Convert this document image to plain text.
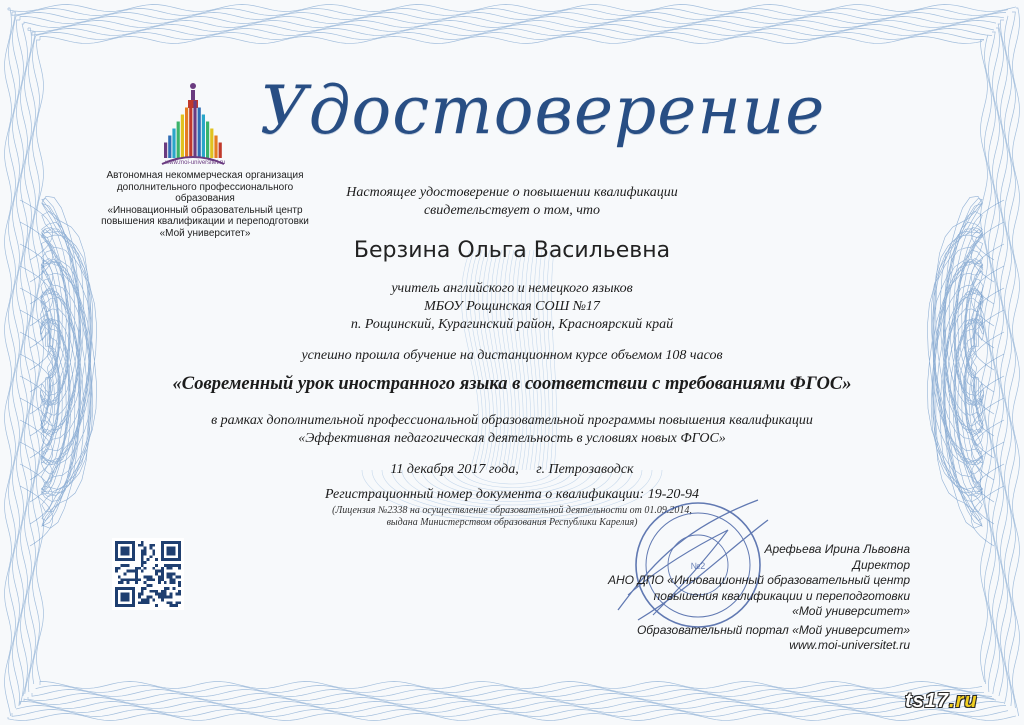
www.moi-universitet.ru
Автономная некоммерческая организация
дополнительного профессионального образования
«Инновационный образовательный центр
повышения квалификации и переподготовки
«Мой университет»
Удостоверение
Настоящее удостоверение о повышении квалификации
свидетельствует о том, что
Берзина Ольга Васильевна
учитель английского и немецкого языков
МБОУ Рощинская СОШ №17
п. Рощинский, Курагинский район, Красноярский край
успешно прошла обучение на дистанционном курсе объемом 108 часов
«Современный урок иностранного языка в соответствии с требованиями ФГОС»
в рамках дополнительной профессиональной образовательной программы повышения квалификации
«Эффективная педагогическая деятельность в условиях новых ФГОС»
11 декабря 2017 года,     г. Петрозаводск
Регистрационный номер документа о квалификации: 19-20-94
(Лицензия №2338 на осуществление образовательной деятельности от 01.09.2014,
выдана Министерством образования Республики Карелия)
№2
Арефьева Ирина Львовна
Директор
АНО ДПО «Инновационный образовательный центр
повышения квалификации и переподготовки
«Мой университет»
Образовательный портал «Мой университет»
www.moi-universitet.ru
ts17.ru
